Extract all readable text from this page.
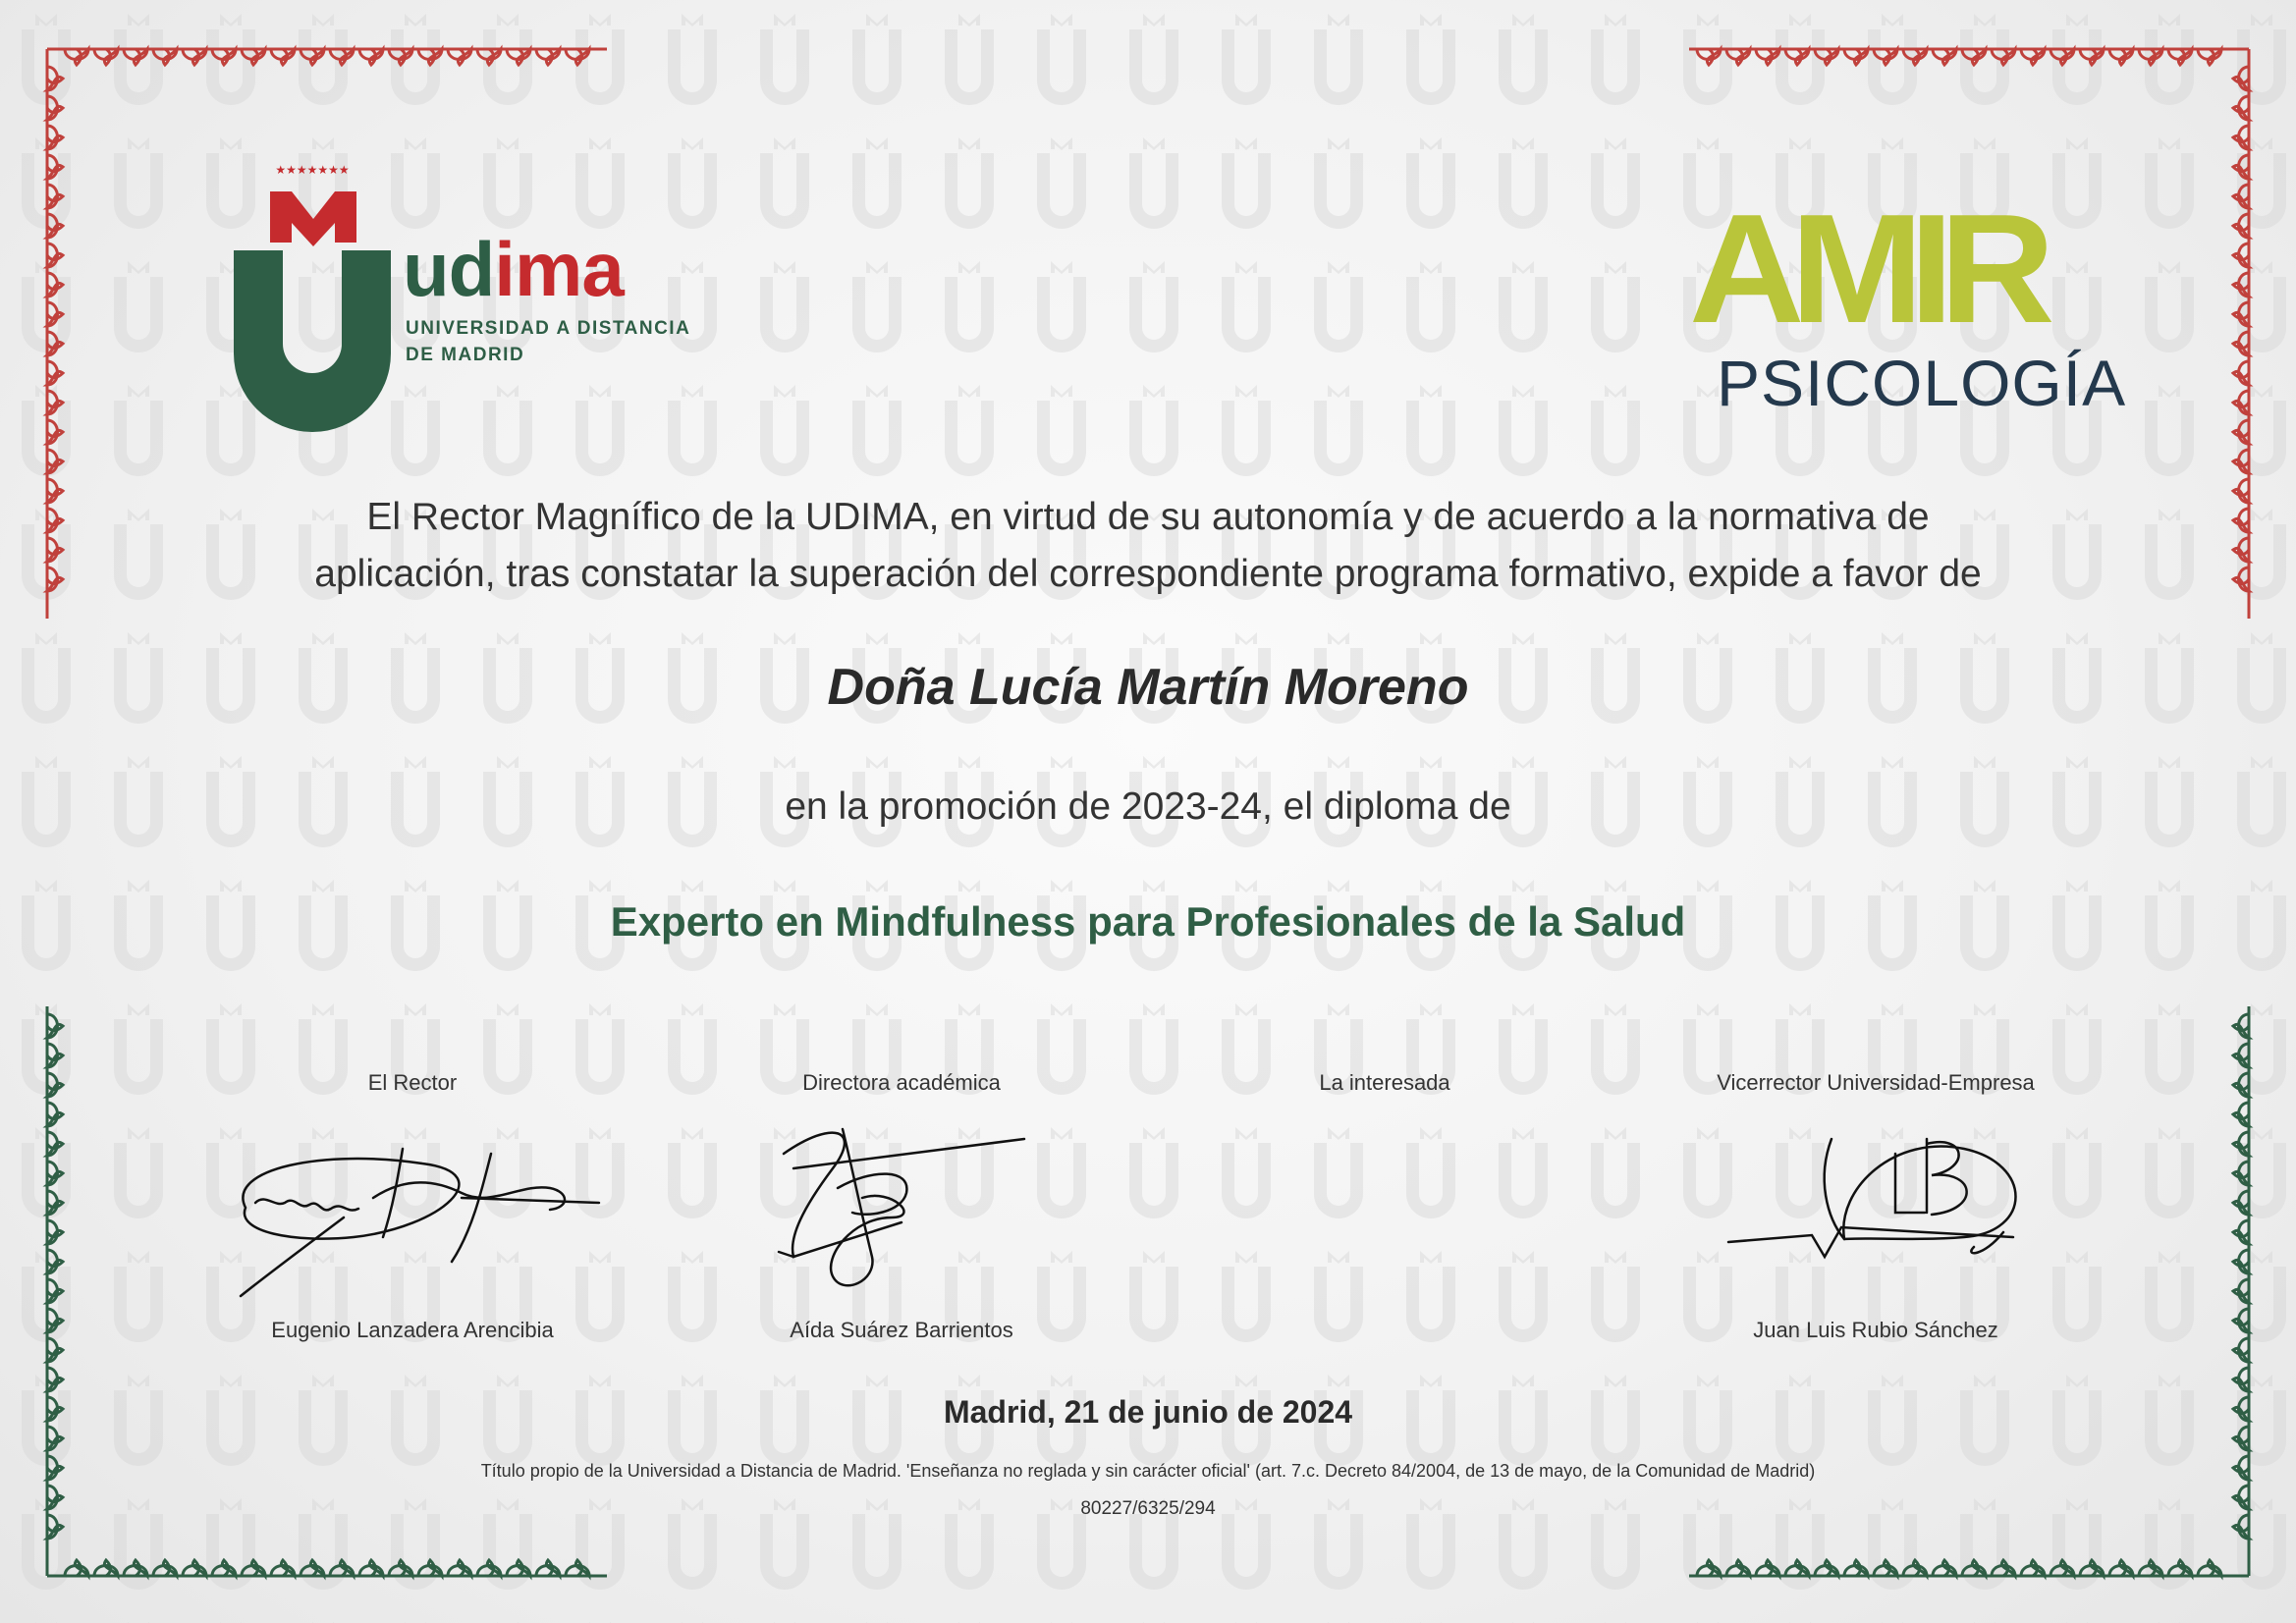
★★★★★★★
udima
UNIVERSIDAD A DISTANCIA
DE MADRID	AMIR
PSICOLOGÍA
El Rector Magnífico de la UDIMA, en virtud de su autonomía y de acuerdo a la normativa de
aplicación, tras constatar la superación del correspondiente programa formativo, expide a favor de
Doña Lucía Martín Moreno
en la promoción de 2023-24, el diploma de
Experto en Mindfulness para Profesionales de la Salud
El Rector
Eugenio Lanzadera Arencibia
Directora académica
Aída Suárez Barrientos
La interesada	Vicerrector Universidad-Empresa
Juan Luis Rubio Sánchez
Madrid, 21 de junio de 2024
Título propio de la Universidad a Distancia de Madrid. 'Enseñanza no reglada y sin carácter oficial' (art. 7.c. Decreto 84/2004, de 13 de mayo, de la Comunidad de Madrid)
80227/6325/294
